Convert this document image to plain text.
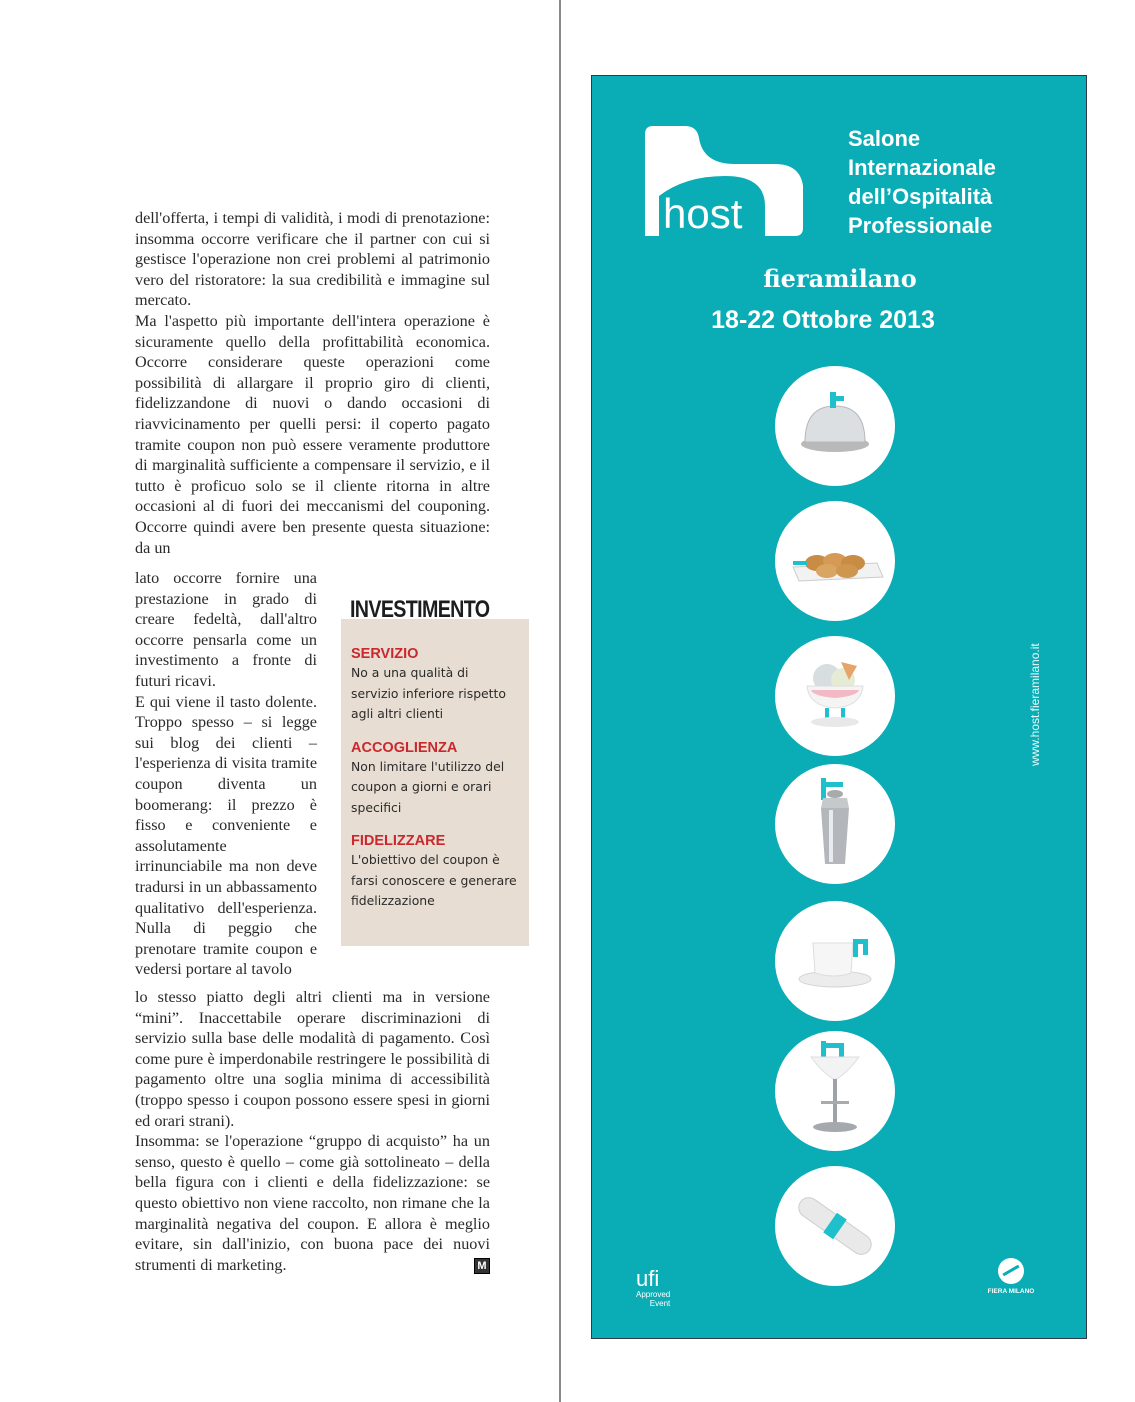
dell'offerta, i tempi di validità, i modi di prenotazione: insomma occorre verificare che il partner con cui si gestisce l'operazione non crei problemi al patrimonio vero del ristoratore: la sua credibilità e immagine sul mercato.

Ma l'aspetto più importante dell'intera operazione è sicuramente quello della profittabilità economica. Occorre considerare queste operazioni come possibilità di allargare il proprio giro di clienti, fidelizzandone di nuovi o dando occasioni di riavvicinamento per quelli persi: il coperto pagato tramite coupon non può essere veramente produttore di marginalità sufficiente a compensare il servizio, e il tutto è proficuo solo se il cliente ritorna in altre occasioni al di fuori dei meccanismi del couponing. Occorre quindi avere ben presente questa situazione: da un

lato occorre fornire una prestazione in grado di creare fedeltà, dall'altro occorre pensarla come un investimento a fronte di futuri ricavi.

E qui viene il tasto dolente. Troppo spesso – si legge sui blog dei clienti – l'esperienza di visita tramite coupon diventa un boomerang: il prezzo è fisso e conveniente e assolutamente irrinunciabile ma non deve tradursi in un abbassamento qualitativo dell'esperienza. Nulla di peggio che prenotare tramite coupon e vedersi portare al tavolo

lo stesso piatto degli altri clienti ma in versione “mini”. Inaccettabile operare discriminazioni di servizio sulla base delle modalità di pagamento. Così come pure è imperdonabile restringere le possibilità di pagamento oltre una soglia minima di accessibilità (troppo spesso i coupon possono essere spesi in giorni ed orari strani).

Insomma: se l'operazione “gruppo di acquisto” ha un senso, questo è quello – come già sottolineato – della bella figura con i clienti e della fidelizzazione: se questo obiettivo non viene raccolto, non rimane che la marginalità negativa del coupon. E allora è meglio evitare, sin dall'inizio, con buona pace dei nuovi strumenti di marketing.	M

SERVIZIO
No a una qualità di servizio inferiore rispetto agli altri clienti
ACCOGLIENZA
Non limitare l'utilizzo del coupon a giorni e orari specifici
FIDELIZZARE
L'obiettivo del coupon è farsi conoscere e generare fidelizzazione
INVESTIMENTO
host
Salone
Internazionale
dell’Ospitalità
Professionale
fieramilano
18-22 Ottobre 2013
www.host.fieramilano.it
ufi
Approved
Event
FIERA MILANO
